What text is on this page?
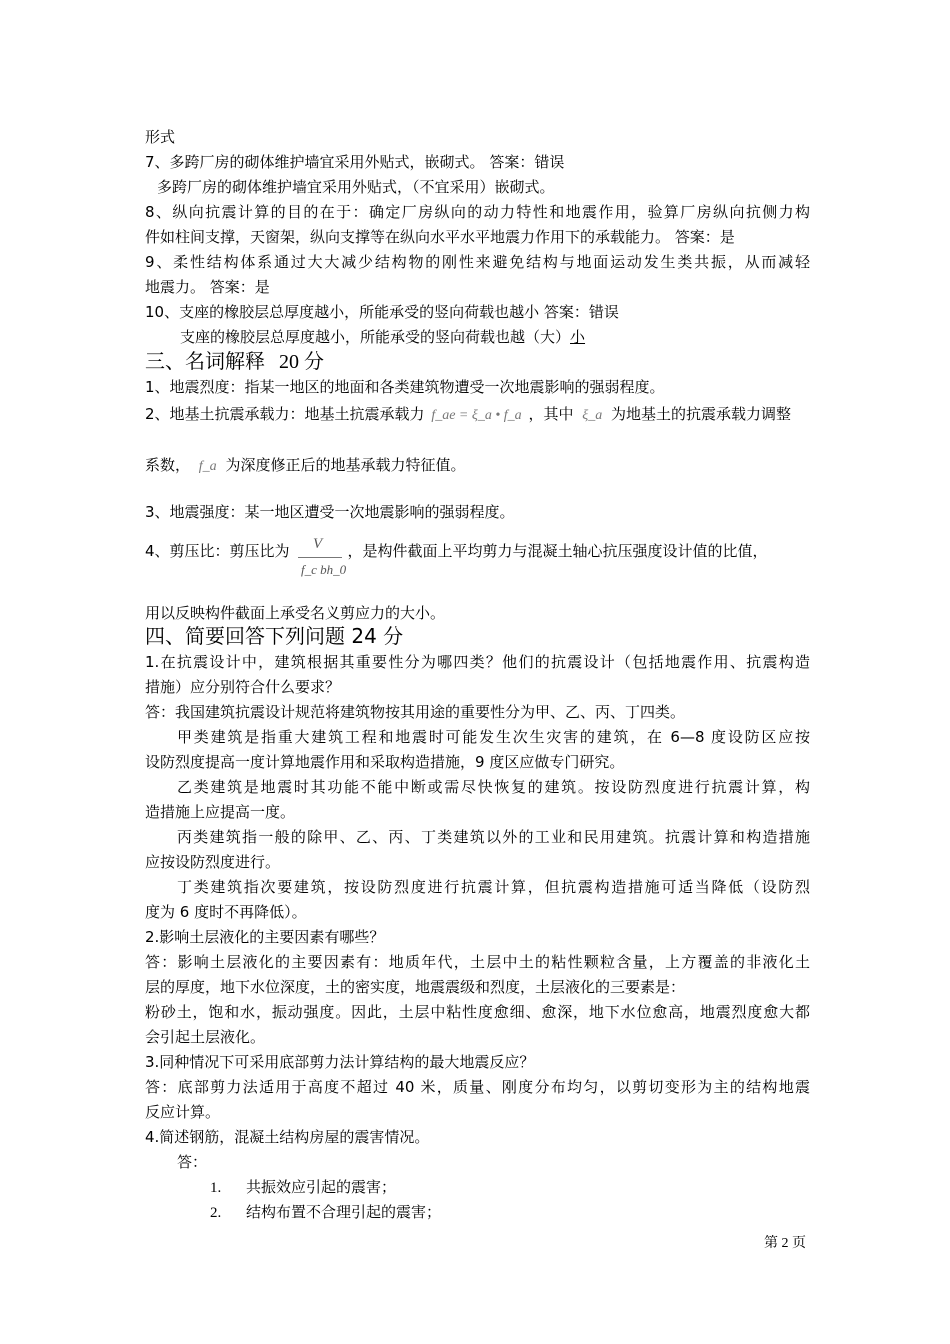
形式
7、多跨厂房的砌体维护墙宜采用外贴式，嵌砌式。 答案：错误
多跨厂房的砌体维护墙宜采用外贴式，（不宜采用）嵌砌式。
8、纵向抗震计算的目的在于：确定厂房纵向的动力特性和地震作用，验算厂房纵向抗侧力构
件如柱间支撑，天窗架，纵向支撑等在纵向水平水平地震力作用下的承载能力。 答案：是
9、柔性结构体系通过大大减少结构物的刚性来避免结构与地面运动发生类共振，从而减轻
地震力。 答案：是
10、支座的橡胶层总厚度越小，所能承受的竖向荷载也越小 答案：错误
支座的橡胶层总厚度越小，所能承受的竖向荷载也越（大）小
三、名词解释 20 分
1、地震烈度：指某一地区的地面和各类建筑物遭受一次地震影响的强弱程度。
2、地基土抗震承载力：地基土抗震承载力 f_ae = ξ_a • f_a ，其中 ξ_a 为地基土的抗震承载力调整
系数， f_a 为深度修正后的地基承载力特征值。
3、地震强度：某一地区遭受一次地震影响的强弱程度。
4、剪压比：剪压比为	，是构件截面上平均剪力与混凝土轴心抗压强度设计值的比值，
V
f_c bh_0
用以反映构件截面上承受名义剪应力的大小。
四、简要回答下列问题 24 分
1.在抗震设计中，建筑根据其重要性分为哪四类？他们的抗震设计（包括地震作用、抗震构造
措施）应分别符合什么要求？
答：我国建筑抗震设计规范将建筑物按其用途的重要性分为甲、乙、丙、丁四类。
甲类建筑是指重大建筑工程和地震时可能发生次生灾害的建筑，在 6—8 度设防区应按
设防烈度提高一度计算地震作用和采取构造措施，9 度区应做专门研究。
乙类建筑是地震时其功能不能中断或需尽快恢复的建筑。按设防烈度进行抗震计算，构
造措施上应提高一度。
丙类建筑指一般的除甲、乙、丙、丁类建筑以外的工业和民用建筑。抗震计算和构造措施
应按设防烈度进行。
丁类建筑指次要建筑，按设防烈度进行抗震计算，但抗震构造措施可适当降低（设防烈
度为 6 度时不再降低）。
2.影响土层液化的主要因素有哪些？
答：影响土层液化的主要因素有：地质年代，土层中土的粘性颗粒含量，上方覆盖的非液化土
层的厚度，地下水位深度，土的密实度，地震震级和烈度，土层液化的三要素是：
粉砂土，饱和水，振动强度。因此，土层中粘性度愈细、愈深，地下水位愈高，地震烈度愈大都
会引起土层液化。
3.同种情况下可采用底部剪力法计算结构的最大地震反应？
答：底部剪力法适用于高度不超过 40 米，质量、刚度分布均匀，以剪切变形为主的结构地震
反应计算。
4.简述钢筋，混凝土结构房屋的震害情况。
答：
1. 共振效应引起的震害；
2. 结构布置不合理引起的震害；
第 2 页
